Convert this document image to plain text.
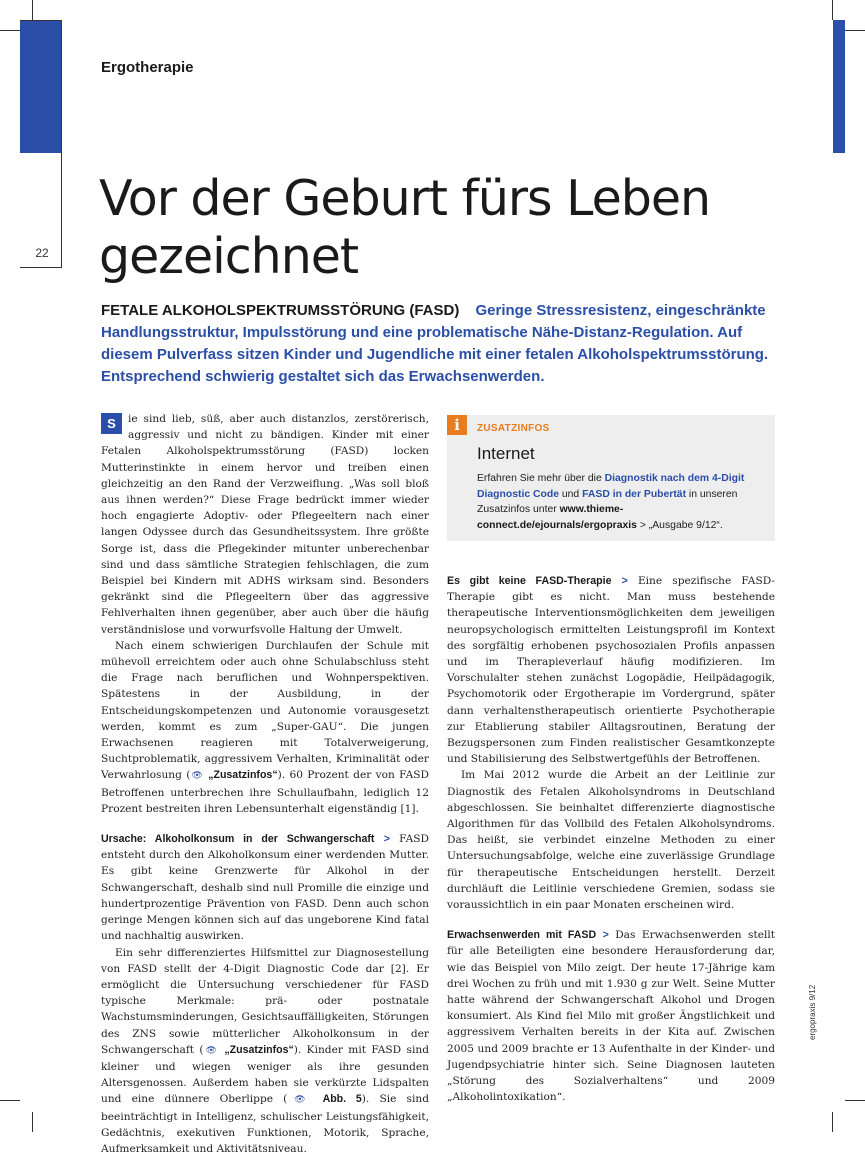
22
Ergotherapie
Vor der Geburt fürs Leben
gezeichnet
FETALE ALKOHOLSPEKTRUMSSTÖRUNG (FASD) Geringe Stressresistenz, eingeschränkte Handlungsstruktur, Impulsstörung und eine problematische Nähe-Distanz-Regulation. Auf diesem Pulverfass sitzen Kinder und Jugendliche mit einer fetalen Alkoholspektrumsstörung. Entsprechend schwierig gestaltet sich das Erwachsenwerden.

S	ie sind lieb, süß, aber auch distanzlos, zerstörerisch, aggressiv und nicht zu bändigen. Kinder mit einer Fetalen Alkoholspektrumsstörung (FASD) locken Mutterinstinkte in einem hervor und treiben einen gleichzeitig an den Rand der Verzweiflung. „Was soll bloß aus ihnen werden?“ Diese Frage bedrückt immer wieder hoch engagierte Adoptiv- oder Pflegeeltern nach einer langen Odyssee durch das Gesundheitssystem. Ihre größte Sorge ist, dass die Pflegekinder mitunter unberechenbar sind und dass sämtliche Strategien fehlschlagen, die zum Beispiel bei Kindern mit ADHS wirksam sind. Besonders gekränkt sind die Pflegeeltern über das aggressive Fehlverhalten ihnen gegenüber, aber auch über die häufig verständnislose und vorwurfsvolle Haltung der Umwelt.

Nach einem schwierigen Durchlaufen der Schule mit mühevoll erreichtem oder auch ohne Schulabschluss steht die Frage nach beruflichen und Wohnperspektiven. Spätestens in der Ausbildung, in der Entscheidungskompetenzen und Autonomie vorausgesetzt werden, kommt es zum „Super-GAU“. Die jungen Erwachsenen reagieren mit Totalverweigerung, Suchtproblematik, aggressivem Verhalten, Kriminalität oder Verwahrlosung (👁 „Zusatzinfos“). 60 Prozent der von FASD Betroffenen unterbrechen ihre Schullaufbahn, lediglich 12 Prozent bestreiten ihren Lebensunterhalt eigenständig [1].

Ursache: Alkoholkonsum in der Schwangerschaft > FASD entsteht durch den Alkoholkonsum einer werdenden Mutter. Es gibt keine Grenzwerte für Alkohol in der Schwangerschaft, deshalb sind null Promille die einzige und hundertprozentige Prävention von FASD. Denn auch schon geringe Mengen können sich auf das ungeborene Kind fatal und nachhaltig auswirken.

Ein sehr differenziertes Hilfsmittel zur Diagnosestellung von FASD stellt der 4-Digit Diagnostic Code dar [2]. Er ermöglicht die Untersuchung verschiedener für FASD typische Merkmale: prä- oder postnatale Wachstumsminderungen, Gesichtsauffälligkeiten, Störungen des ZNS sowie mütterlicher Alkoholkonsum in der Schwangerschaft (👁 „Zusatzinfos“). Kinder mit FASD sind kleiner und wiegen weniger als ihre gesunden Altersgenossen. Außerdem haben sie verkürzte Lidspalten und eine dünnere Oberlippe (👁 Abb. 5). Sie sind beeinträchtigt in Intelligenz, schulischer Leistungsfähigkeit, Gedächtnis, exekutiven Funktionen, Motorik, Sprache, Aufmerksamkeit und Aktivitätsniveau.

i	ZUSATZINFOS
Internet
Erfahren Sie mehr über die Diagnostik nach dem 4-Digit Diagnostic Code und FASD in der Pubertät in unseren Zusatzinfos unter www.thieme-connect.de/ejournals/ergopraxis > „Ausgabe 9/12“.

Es gibt keine FASD-Therapie > Eine spezifische FASD-Therapie gibt es nicht. Man muss bestehende therapeutische Interventionsmöglichkeiten dem jeweiligen neuropsychologisch ermittelten Leistungsprofil im Kontext des sorgfältig erhobenen psychosozialen Profils anpassen und im Therapieverlauf häufig modifizieren. Im Vorschulalter stehen zunächst Logopädie, Heilpädagogik, Psychomotorik oder Ergotherapie im Vordergrund, später dann verhaltenstherapeutisch orientierte Psychotherapie zur Etablierung stabiler Alltagsroutinen, Beratung der Bezugspersonen zum Finden realistischer Gesamtkonzepte und Stabilisierung des Selbstwertgefühls der Betroffenen.

Im Mai 2012 wurde die Arbeit an der Leitlinie zur Diagnostik des Fetalen Alkoholsyndroms in Deutschland abgeschlossen. Sie beinhaltet differenzierte diagnostische Algorithmen für das Vollbild des Fetalen Alkoholsyndroms. Das heißt, sie verbindet einzelne Methoden zu einer Untersuchungsabfolge, welche eine zuverlässige Grundlage für therapeutische Entscheidungen herstellt. Derzeit durchläuft die Leitlinie verschiedene Gremien, sodass sie voraussichtlich in ein paar Monaten erscheinen wird.

Erwachsenwerden mit FASD > Das Erwachsenwerden stellt für alle Beteiligten eine besondere Herausforderung dar, wie das Beispiel von Milo zeigt. Der heute 17-Jährige kam drei Wochen zu früh und mit 1.930 g zur Welt. Seine Mutter hatte während der Schwangerschaft Alkohol und Drogen konsumiert. Als Kind fiel Milo mit großer Ängstlichkeit und aggressivem Verhalten bereits in der Kita auf. Zwischen 2005 und 2009 brachte er 13 Aufenthalte in der Kinder- und Jugendpsychiatrie hinter sich. Seine Diagnosen lauteten „Störung des Sozialverhaltens“ und 2009 „Alkoholintoxikation“.

ergopraxis 9/12
